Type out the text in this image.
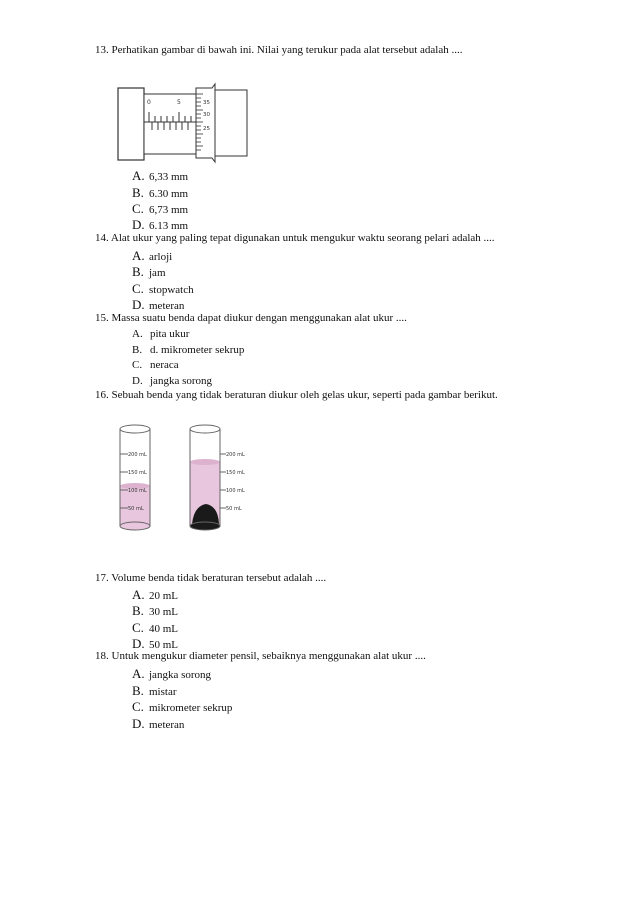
13. Perhatikan gambar di bawah ini. Nilai yang terukur pada alat tersebut adalah ....
0	5	35
30
25
A. 6,33 mm
B. 6.30 mm
C. 6,73 mm
D. 6.13 mm
14. Alat ukur yang paling tepat digunakan untuk mengukur waktu seorang pelari adalah ....
A. arloji
B. jam
C. stopwatch
D. meteran
15. Massa suatu benda dapat diukur dengan menggunakan alat ukur ....
A. pita ukur
B. d. mikrometer sekrup
C. neraca
D. jangka sorong
16. Sebuah benda yang tidak beraturan diukur oleh gelas ukur, seperti pada gambar berikut.
200 mL
150 mL
100 mL
50 mL
200 mL
150 mL
100 mL
50 mL
17. Volume benda tidak beraturan tersebut adalah ....
A. 20 mL
B. 30 mL
C. 40 mL
D. 50 mL
18. Untuk mengukur diameter pensil, sebaiknya menggunakan alat ukur ....
A. jangka sorong
B. mistar
C. mikrometer sekrup
D. meteran
